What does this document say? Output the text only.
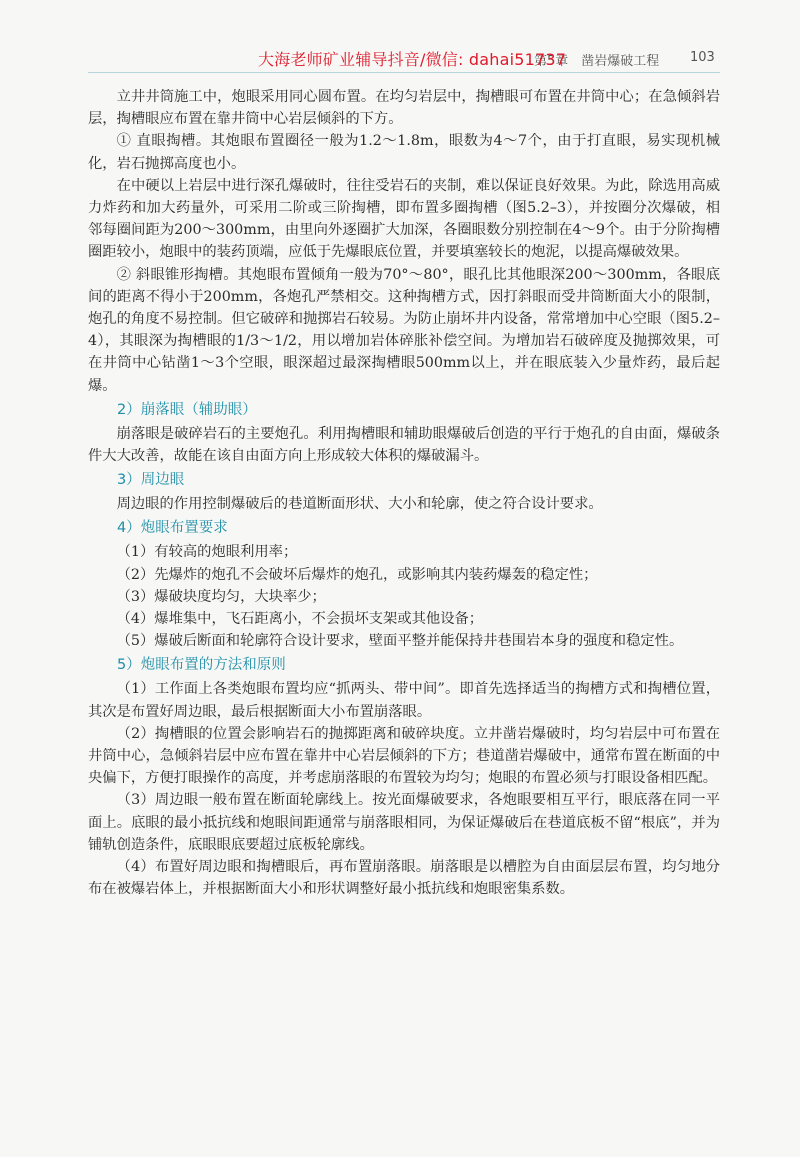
第5章　凿岩爆破工程
大海老师矿业辅导抖音/微信: dahai51737	103

立井井筒施工中，炮眼采用同心圆布置。在均匀岩层中，掏槽眼可布置在井筒中心；在急倾斜岩层，掏槽眼应布置在靠井筒中心岩层倾斜的下方。

① 直眼掏槽。其炮眼布置圈径一般为1.2～1.8m，眼数为4～7个，由于打直眼，易实现机械化，岩石抛掷高度也小。

在中硬以上岩层中进行深孔爆破时，往往受岩石的夹制，难以保证良好效果。为此，除选用高威力炸药和加大药量外，可采用二阶或三阶掏槽，即布置多圈掏槽（图5.2–3），并按圈分次爆破，相邻每圈间距为200～300mm，由里向外逐圈扩大加深，各圈眼数分别控制在4～9个。由于分阶掏槽圈距较小，炮眼中的装药顶端，应低于先爆眼底位置，并要填塞较长的炮泥，以提高爆破效果。

② 斜眼锥形掏槽。其炮眼布置倾角一般为70°～80°，眼孔比其他眼深200～300mm，各眼底间的距离不得小于200mm，各炮孔严禁相交。这种掏槽方式，因打斜眼而受井筒断面大小的限制，炮孔的角度不易控制。但它破碎和抛掷岩石较易。为防止崩坏井内设备，常常增加中心空眼（图5.2–4），其眼深为掏槽眼的1/3～1/2，用以增加岩体碎胀补偿空间。为增加岩石破碎度及抛掷效果，可在井筒中心钻凿1～3个空眼，眼深超过最深掏槽眼500mm以上，并在眼底装入少量炸药，最后起爆。

2）崩落眼（辅助眼）

崩落眼是破碎岩石的主要炮孔。利用掏槽眼和辅助眼爆破后创造的平行于炮孔的自由面，爆破条件大大改善，故能在该自由面方向上形成较大体积的爆破漏斗。

3）周边眼

周边眼的作用控制爆破后的巷道断面形状、大小和轮廓，使之符合设计要求。

4）炮眼布置要求

（1）有较高的炮眼利用率；

（2）先爆炸的炮孔不会破坏后爆炸的炮孔，或影响其内装药爆轰的稳定性；

（3）爆破块度均匀，大块率少；

（4）爆堆集中，飞石距离小，不会损坏支架或其他设备；

（5）爆破后断面和轮廓符合设计要求，壁面平整并能保持井巷围岩本身的强度和稳定性。

5）炮眼布置的方法和原则

（1）工作面上各类炮眼布置均应“抓两头、带中间”。即首先选择适当的掏槽方式和掏槽位置，其次是布置好周边眼，最后根据断面大小布置崩落眼。

（2）掏槽眼的位置会影响岩石的抛掷距离和破碎块度。立井凿岩爆破时，均匀岩层中可布置在井筒中心，急倾斜岩层中应布置在靠井中心岩层倾斜的下方；巷道凿岩爆破中，通常布置在断面的中央偏下，方便打眼操作的高度，并考虑崩落眼的布置较为均匀；炮眼的布置必须与打眼设备相匹配。

（3）周边眼一般布置在断面轮廓线上。按光面爆破要求，各炮眼要相互平行，眼底落在同一平面上。底眼的最小抵抗线和炮眼间距通常与崩落眼相同，为保证爆破后在巷道底板不留“根底”，并为铺轨创造条件，底眼眼底要超过底板轮廓线。

（4）布置好周边眼和掏槽眼后，再布置崩落眼。崩落眼是以槽腔为自由面层层布置，均匀地分布在被爆岩体上，并根据断面大小和形状调整好最小抵抗线和炮眼密集系数。
